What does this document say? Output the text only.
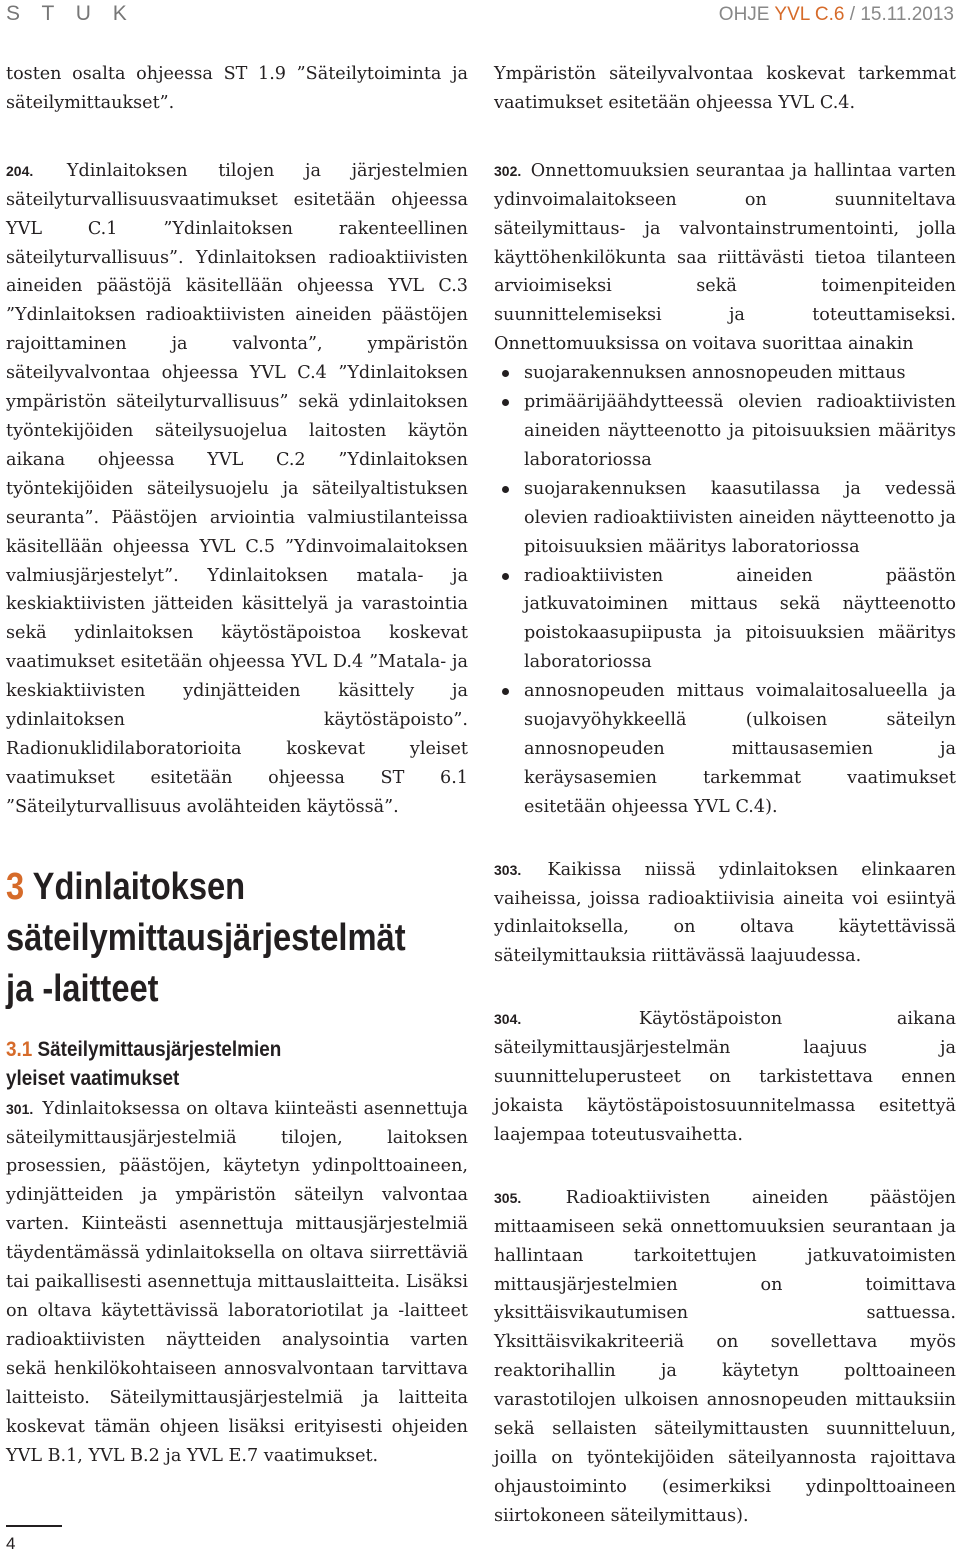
S T U K	OHJE YVL C.6 / 15.11.2013

tosten osalta ohjeessa ST 1.9 ”Säteilytoiminta ja säteilymittaukset”.

204. Ydinlaitoksen tilojen ja järjestelmien säteilyturvallisuusvaatimukset esitetään ohjeessa YVL C.1 ”Ydinlaitoksen rakenteellinen säteilyturvallisuus”. Ydinlaitoksen radioaktiivisten aineiden päästöjä käsitellään ohjeessa YVL C.3 ”Ydinlaitoksen radioaktiivisten aineiden päästöjen rajoittaminen ja valvonta”, ympäristön säteilyvalvontaa ohjeessa YVL C.4 ”Ydinlaitoksen ympäristön säteilyturvallisuus” sekä ydinlaitoksen työntekijöiden säteilysuojelua laitosten käytön aikana ohjeessa YVL C.2 ”Ydinlaitoksen työntekijöiden säteilysuojelu ja säteilyaltistuksen seuranta”. Päästöjen arviointia valmiustilanteissa käsitellään ohjeessa YVL C.5 ”Ydinvoimalaitoksen valmiusjärjestelyt”. Ydinlaitoksen matala- ja keskiaktiivisten jätteiden käsittelyä ja varastointia sekä ydinlaitoksen käytöstäpoistoa koskevat vaatimukset esitetään ohjeessa YVL D.4 ”Matala- ja keskiaktiivisten ydinjätteiden käsittely ja ydinlaitoksen käytöstäpoisto”. Radionuklidilaboratorioita koskevat yleiset vaatimukset esitetään ohjeessa ST 6.1 ”Säteilyturvallisuus avolähteiden käytössä”.

3 Ydinlaitoksen
säteilymittausjärjestelmät
ja -laitteet
3.1 Säteilymittausjärjestelmien
yleiset vaatimukset

301. Ydinlaitoksessa on oltava kiinteästi asennettuja säteilymittausjärjestelmiä tilojen, laitoksen prosessien, päästöjen, käytetyn ydinpolttoaineen, ydinjätteiden ja ympäristön säteilyn valvontaa varten. Kiinteästi asennettuja mittausjärjestelmiä täydentämässä ydinlaitoksella on oltava siirrettäviä tai paikallisesti asennettuja mittauslaitteita. Lisäksi on oltava käytettävissä laboratoriotilat ja -laitteet radioaktiivisten näytteiden analysointia varten sekä henkilökohtaiseen annosvalvontaan tarvittava laitteisto. Säteilymittausjärjestelmiä ja laitteita koskevat tämän ohjeen lisäksi erityisesti ohjeiden YVL B.1, YVL B.2 ja YVL E.7 vaatimukset.

Ympäristön säteilyvalvontaa koskevat tarkemmat vaatimukset esitetään ohjeessa YVL C.4.

302. Onnettomuuksien seurantaa ja hallintaa varten ydinvoimalaitokseen on suunniteltava säteilymittaus- ja valvontainstrumentointi, jolla käyttöhenkilökunta saa riittävästi tietoa tilanteen arvioimiseksi sekä toimenpiteiden suunnittelemiseksi ja toteuttamiseksi. Onnettomuuksissa on voitava suorittaa ainakin

suojarakennuksen annosnopeuden mittaus
primäärijäähdytteessä olevien radioaktiivisten aineiden näytteenotto ja pitoisuuksien määritys laboratoriossa
suojarakennuksen kaasutilassa ja vedessä olevien radioaktiivisten aineiden näytteenotto ja pitoisuuksien määritys laboratoriossa
radioaktiivisten aineiden päästön jatkuvatoiminen mittaus sekä näytteenotto poistokaasupiipusta ja pitoisuuksien määritys laboratoriossa
annosnopeuden mittaus voimalaitosalueella ja suojavyöhykkeellä (ulkoisen säteilyn annosnopeuden mittausasemien ja keräysasemien tarkemmat vaatimukset esitetään ohjeessa YVL C.4).

303. Kaikissa niissä ydinlaitoksen elinkaaren vaiheissa, joissa radioaktiivisia aineita voi esiintyä ydinlaitoksella, on oltava käytettävissä säteilymittauksia riittävässä laajuudessa.

304.	Käytöstäpoiston aikana säteilymittausjärjestelmän laajuus ja suunnitteluperusteet on tarkistettava ennen jokaista käytöstäpoistosuunnitelmassa esitettyä laajempaa toteutusvaihetta.

305.	Radioaktiivisten aineiden päästöjen mittaamiseen sekä onnettomuuksien seurantaan ja hallintaan tarkoitettujen jatkuvatoimisten mittausjärjestelmien on toimittava yksittäisvikautumisen sattuessa. Yksittäisvikakriteeriä on sovellettava myös reaktorihallin ja käytetyn polttoaineen varastotilojen ulkoisen annosnopeuden mittauksiin sekä sellaisten säteilymittausten suunnitteluun, joilla on työntekijöiden säteilyannosta rajoittava ohjaustoiminto (esimerkiksi ydinpolttoaineen siirtokoneen säteilymittaus).

4
